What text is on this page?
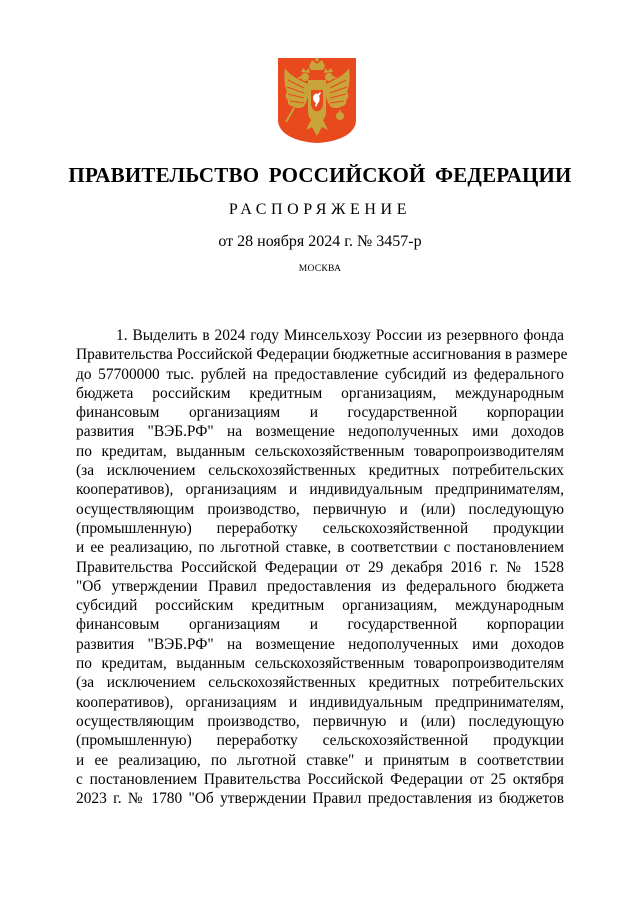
ПРАВИТЕЛЬСТВО РОССИЙСКОЙ ФЕДЕРАЦИИ
РАСПОРЯЖЕНИЕ
от 28 ноября 2024 г. № 3457-р
МОСКВА
1. Выделить в 2024 году Минсельхозу России из резервного фонда
Правительства Российской Федерации бюджетные ассигнования в размере
до 57700000 тыс. рублей на предоставление субсидий из федерального
бюджета российским кредитным организациям, международным
финансовым организациям и государственной корпорации
развития "ВЭБ.РФ" на возмещение недополученных ими доходов
по кредитам, выданным сельскохозяйственным товаропроизводителям
(за исключением сельскохозяйственных кредитных потребительских
кооперативов), организациям и индивидуальным предпринимателям,
осуществляющим производство, первичную и (или) последующую
(промышленную) переработку сельскохозяйственной продукции
и ее реализацию, по льготной ставке, в соответствии с постановлением
Правительства Российской Федерации от 29 декабря 2016 г. № 1528
"Об утверждении Правил предоставления из федерального бюджета
субсидий российским кредитным организациям, международным
финансовым организациям и государственной корпорации
развития "ВЭБ.РФ" на возмещение недополученных ими доходов
по кредитам, выданным сельскохозяйственным товаропроизводителям
(за исключением сельскохозяйственных кредитных потребительских
кооперативов), организациям и индивидуальным предпринимателям,
осуществляющим производство, первичную и (или) последующую
(промышленную) переработку сельскохозяйственной продукции
и ее реализацию, по льготной ставке" и принятым в соответствии
с постановлением Правительства Российской Федерации от 25 октября
2023 г. № 1780 "Об утверждении Правил предоставления из бюджетов
